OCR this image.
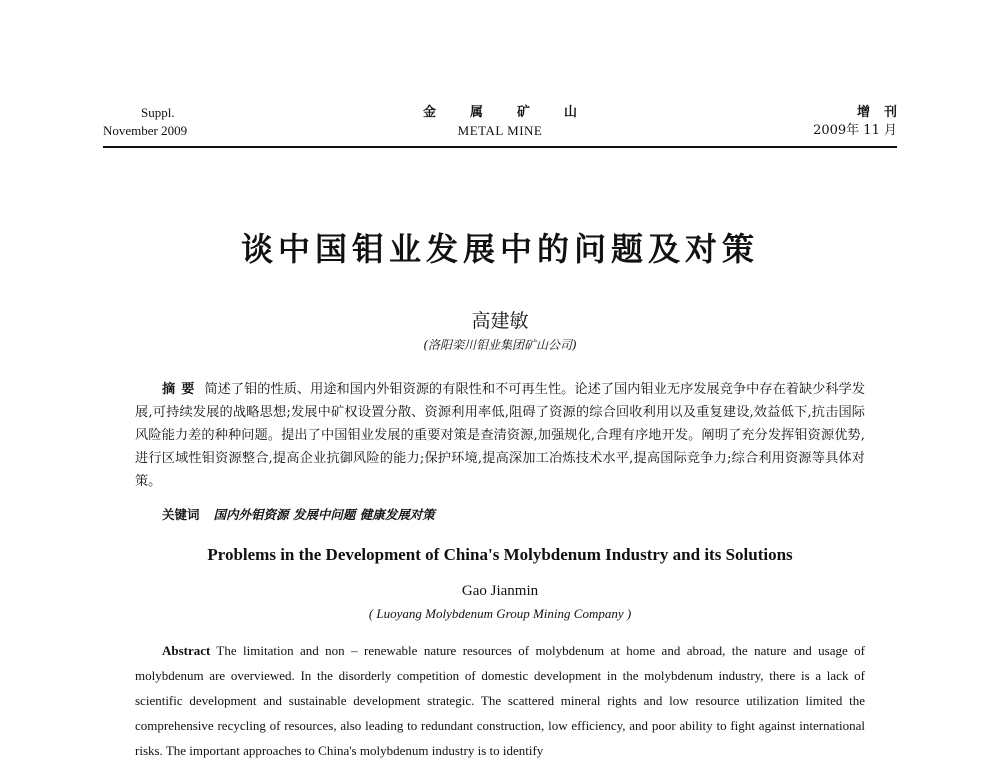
Suppl.
November 2009
金属矿山
METAL MINE
增刊
2009年 11 月
谈中国钼业发展中的问题及对策
高建敏
(洛阳栾川钼业集团矿山公司)
摘要 简述了钼的性质、用途和国内外钼资源的有限性和不可再生性。论述了国内钼业无序发展竞争中存在着缺少科学发展,可持续发展的战略思想;发展中矿权设置分散、资源利用率低,阻碍了资源的综合回收利用以及重复建设,效益低下,抗击国际风险能力差的种种问题。提出了中国钼业发展的重要对策是查清资源,加强规化,合理有序地开发。阐明了充分发挥钼资源优势,进行区域性钼资源整合,提高企业抗御风险的能力;保护环境,提高深加工冶炼技术水平,提高国际竞争力;综合利用资源等具体对策。
关键词 国内外钼资源 发展中问题 健康发展对策
Problems in the Development of China's Molybdenum Industry and its Solutions
Gao Jianmin
( Luoyang Molybdenum Group Mining Company )
Abstract The limitation and non – renewable nature resources of molybdenum at home and abroad, the nature and usage of molybdenum are overviewed. In the disorderly competition of domestic development in the molybdenum industry, there is a lack of scientific development and sustainable development strategic. The scattered mineral rights and low resource utilization limited the comprehensive recycling of resources, also leading to redundant construction, low efficiency, and poor ability to fight against international risks. The important approaches to China's molybdenum industry is to identify
